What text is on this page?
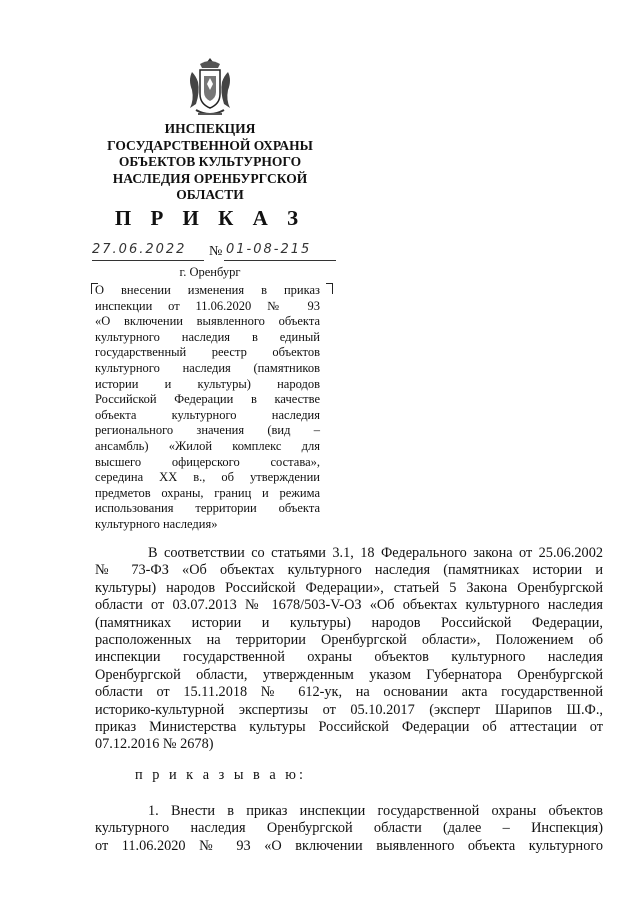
ИНСПЕКЦИЯ
ГОСУДАРСТВЕННОЙ ОХРАНЫ
ОБЪЕКТОВ КУЛЬТУРНОГО
НАСЛЕДИЯ ОРЕНБУРГСКОЙ
ОБЛАСТИ
П Р И К А З
27.06.2022 № 01-08-215
г. Оренбург
О внесении изменения в приказ
инспекции от 11.06.2020 № 93
«О включении выявленного объекта
культурного наследия в единый
государственный реестр объектов
культурного наследия (памятников
истории и культуры) народов
Российской Федерации в качестве
объекта культурного наследия
регионального значения (вид –
ансамбль) «Жилой комплекс для
высшего офицерского состава»,
середина XX в., об утверждении
предметов охраны, границ и режима
использования территории объекта
культурного наследия»
В соответствии со статьями 3.1, 18 Федерального закона от 25.06.2002
№ 73-ФЗ «Об объектах культурного наследия (памятниках истории и
культуры) народов Российской Федерации», статьей 5 Закона Оренбургской
области от 03.07.2013 № 1678/503-V-ОЗ «Об объектах культурного наследия
(памятниках истории и культуры) народов Российской Федерации,
расположенных на территории Оренбургской области», Положением об
инспекции государственной охраны объектов культурного наследия
Оренбургской области, утвержденным указом Губернатора Оренбургской
области от 15.11.2018 № 612-ук, на основании акта государственной
историко-культурной экспертизы от 05.10.2017 (эксперт Шарипов Ш.Ф.,
приказ Министерства культуры Российской Федерации об аттестации от
07.12.2016 № 2678)
п р и к а з ы в а ю:
1. Внести в приказ инспекции государственной охраны объектов
культурного наследия Оренбургской области (далее – Инспекция)
от 11.06.2020 № 93 «О включении выявленного объекта культурного
